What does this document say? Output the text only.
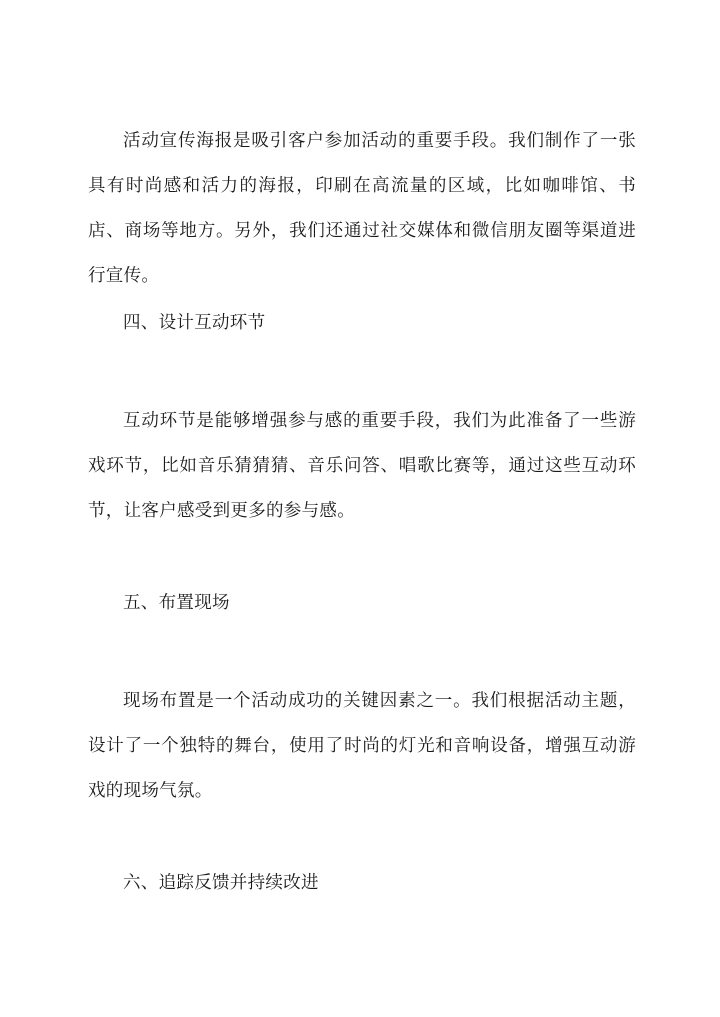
活动宣传海报是吸引客户参加活动的重要手段。我们制作了一张具有时尚感和活力的海报，印刷在高流量的区域，比如咖啡馆、书店、商场等地方。另外，我们还通过社交媒体和微信朋友圈等渠道进行宣传。

四、设计互动环节

互动环节是能够增强参与感的重要手段，我们为此准备了一些游戏环节，比如音乐猜猜猜、音乐问答、唱歌比赛等，通过这些互动环节，让客户感受到更多的参与感。

五、布置现场

现场布置是一个活动成功的关键因素之一。我们根据活动主题，设计了一个独特的舞台，使用了时尚的灯光和音响设备，增强互动游戏的现场气氛。

六、追踪反馈并持续改进
